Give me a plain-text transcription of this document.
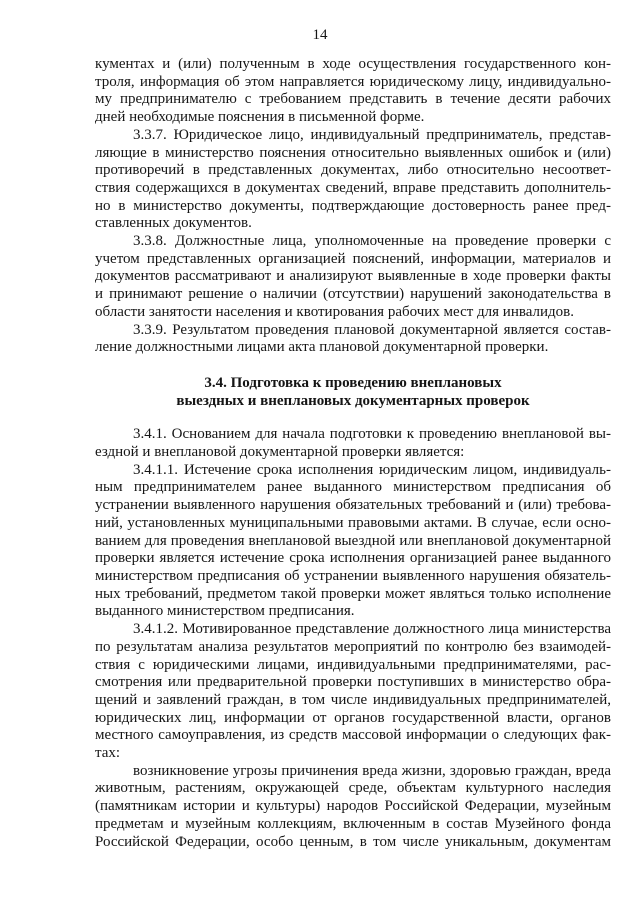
14

кументах и (или) полученным в ходе осуществления государственного кон-

троля, информация об этом направляется юридическому лицу, индивидуально-

му предпринимателю с требованием представить в течение десяти рабочих

дней необходимые пояснения в письменной форме.

3.3.7. Юридическое лицо, индивидуальный предприниматель, представ-

ляющие в министерство пояснения относительно выявленных ошибок и (или)

противоречий в представленных документах, либо относительно несоответ-

ствия содержащихся в документах сведений, вправе представить дополнитель-

но в министерство документы, подтверждающие достоверность ранее пред-

ставленных документов.

3.3.8. Должностные лица, уполномоченные на проведение проверки с

учетом представленных организацией пояснений, информации, материалов и

документов рассматривают и анализируют выявленные в ходе проверки факты

и принимают решение о наличии (отсутствии) нарушений законодательства в

области занятости населения и квотирования рабочих мест для инвалидов.

3.3.9. Результатом проведения плановой документарной является состав-

ление должностными лицами акта плановой документарной проверки.

3.4. Подготовка к проведению внеплановых

выездных и внеплановых документарных проверок

3.4.1. Основанием для начала подготовки к проведению внеплановой вы-

ездной и внеплановой документарной проверки является:

3.4.1.1. Истечение срока исполнения юридическим лицом, индивидуаль-

ным предпринимателем ранее выданного министерством предписания об

устранении выявленного нарушения обязательных требований и (или) требова-

ний, установленных муниципальными правовыми актами. В случае, если осно-

ванием для проведения внеплановой выездной или внеплановой документарной

проверки является истечение срока исполнения организацией ранее выданного

министерством предписания об устранении выявленного нарушения обязатель-

ных требований, предметом такой проверки может являться только исполнение

выданного министерством предписания.

3.4.1.2. Мотивированное представление должностного лица министерства

по результатам анализа результатов мероприятий по контролю без взаимодей-

ствия с юридическими лицами, индивидуальными предпринимателями, рас-

смотрения или предварительной проверки поступивших в министерство обра-

щений и заявлений граждан, в том числе индивидуальных предпринимателей,

юридических лиц, информации от органов государственной власти, органов

местного самоуправления, из средств массовой информации о следующих фак-

тах:

возникновение угрозы причинения вреда жизни, здоровью граждан, вреда

животным, растениям, окружающей среде, объектам культурного наследия

(памятникам истории и культуры) народов Российской Федерации, музейным

предметам и музейным коллекциям, включенным в состав Музейного фонда

Российской Федерации, особо ценным, в том числе уникальным, документам
